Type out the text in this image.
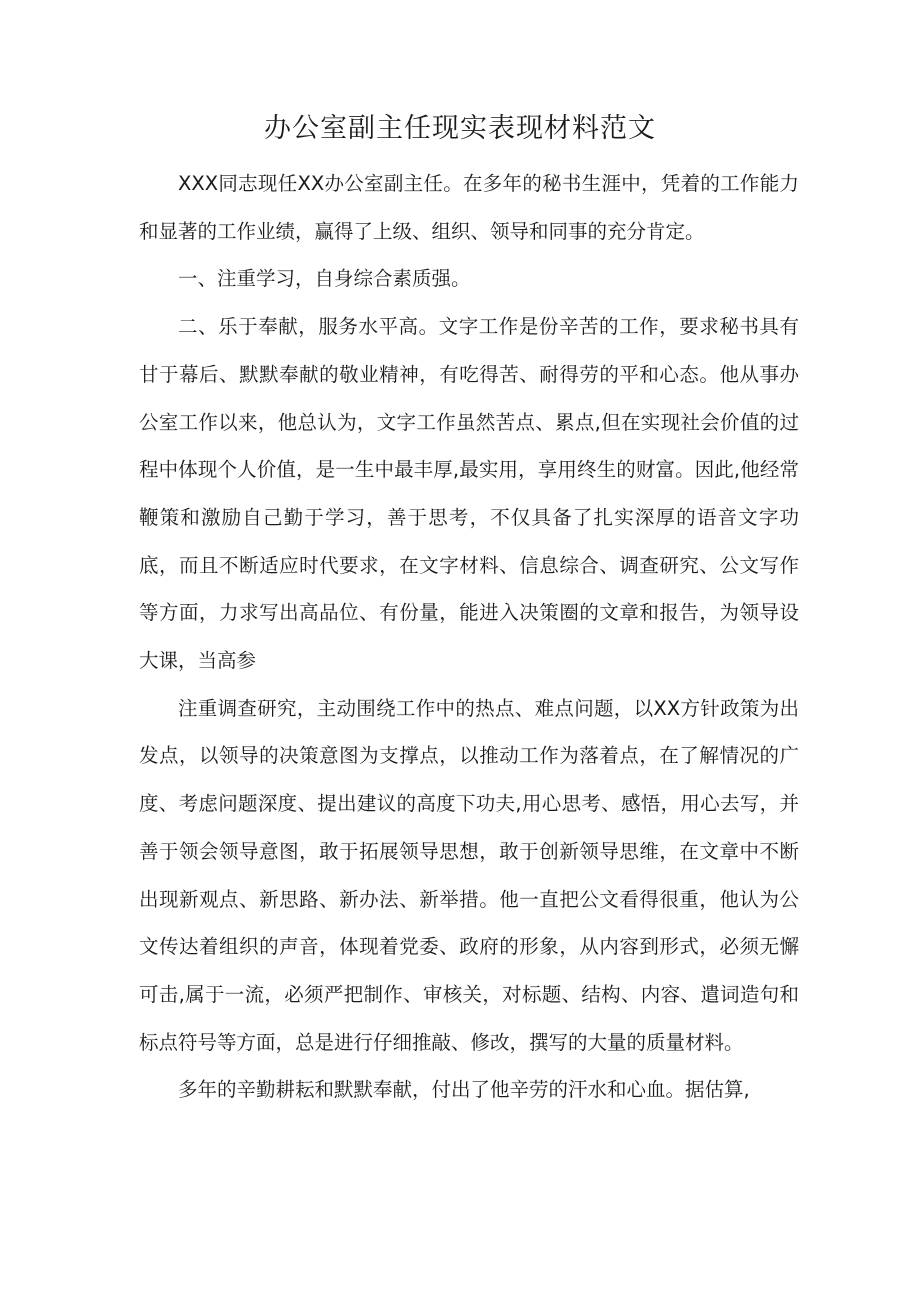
办公室副主任现实表现材料范文

XXX同志现任XX办公室副主任。在多年的秘书生涯中，凭着的工作能力和显著的工作业绩，赢得了上级、组织、领导和同事的充分肯定。

一、注重学习，自身综合素质强。

二、乐于奉献，服务水平高。文字工作是份辛苦的工作，要求秘书具有甘于幕后、默默奉献的敬业精神，有吃得苦、耐得劳的平和心态。他从事办公室工作以来，他总认为，文字工作虽然苦点、累点,但在实现社会价值的过程中体现个人价值，是一生中最丰厚,最实用，享用终生的财富。因此,他经常鞭策和激励自己勤于学习，善于思考，不仅具备了扎实深厚的语音文字功底，而且不断适应时代要求，在文字材料、信息综合、调查研究、公文写作等方面，力求写出高品位、有份量，能进入决策圈的文章和报告，为领导设大课，当高参

注重调查研究，主动围绕工作中的热点、难点问题，以XX方针政策为出发点，以领导的决策意图为支撑点，以推动工作为落着点，在了解情况的广度、考虑问题深度、提出建议的高度下功夫,用心思考、感悟，用心去写，并善于领会领导意图，敢于拓展领导思想，敢于创新领导思维，在文章中不断出现新观点、新思路、新办法、新举措。他一直把公文看得很重，他认为公文传达着组织的声音，体现着党委、政府的形象，从内容到形式，必须无懈可击,属于一流，必须严把制作、审核关，对标题、结构、内容、遣词造句和标点符号等方面，总是进行仔细推敲、修改，撰写的大量的质量材料。

多年的辛勤耕耘和默默奉献，付出了他辛劳的汗水和心血。据估算,
